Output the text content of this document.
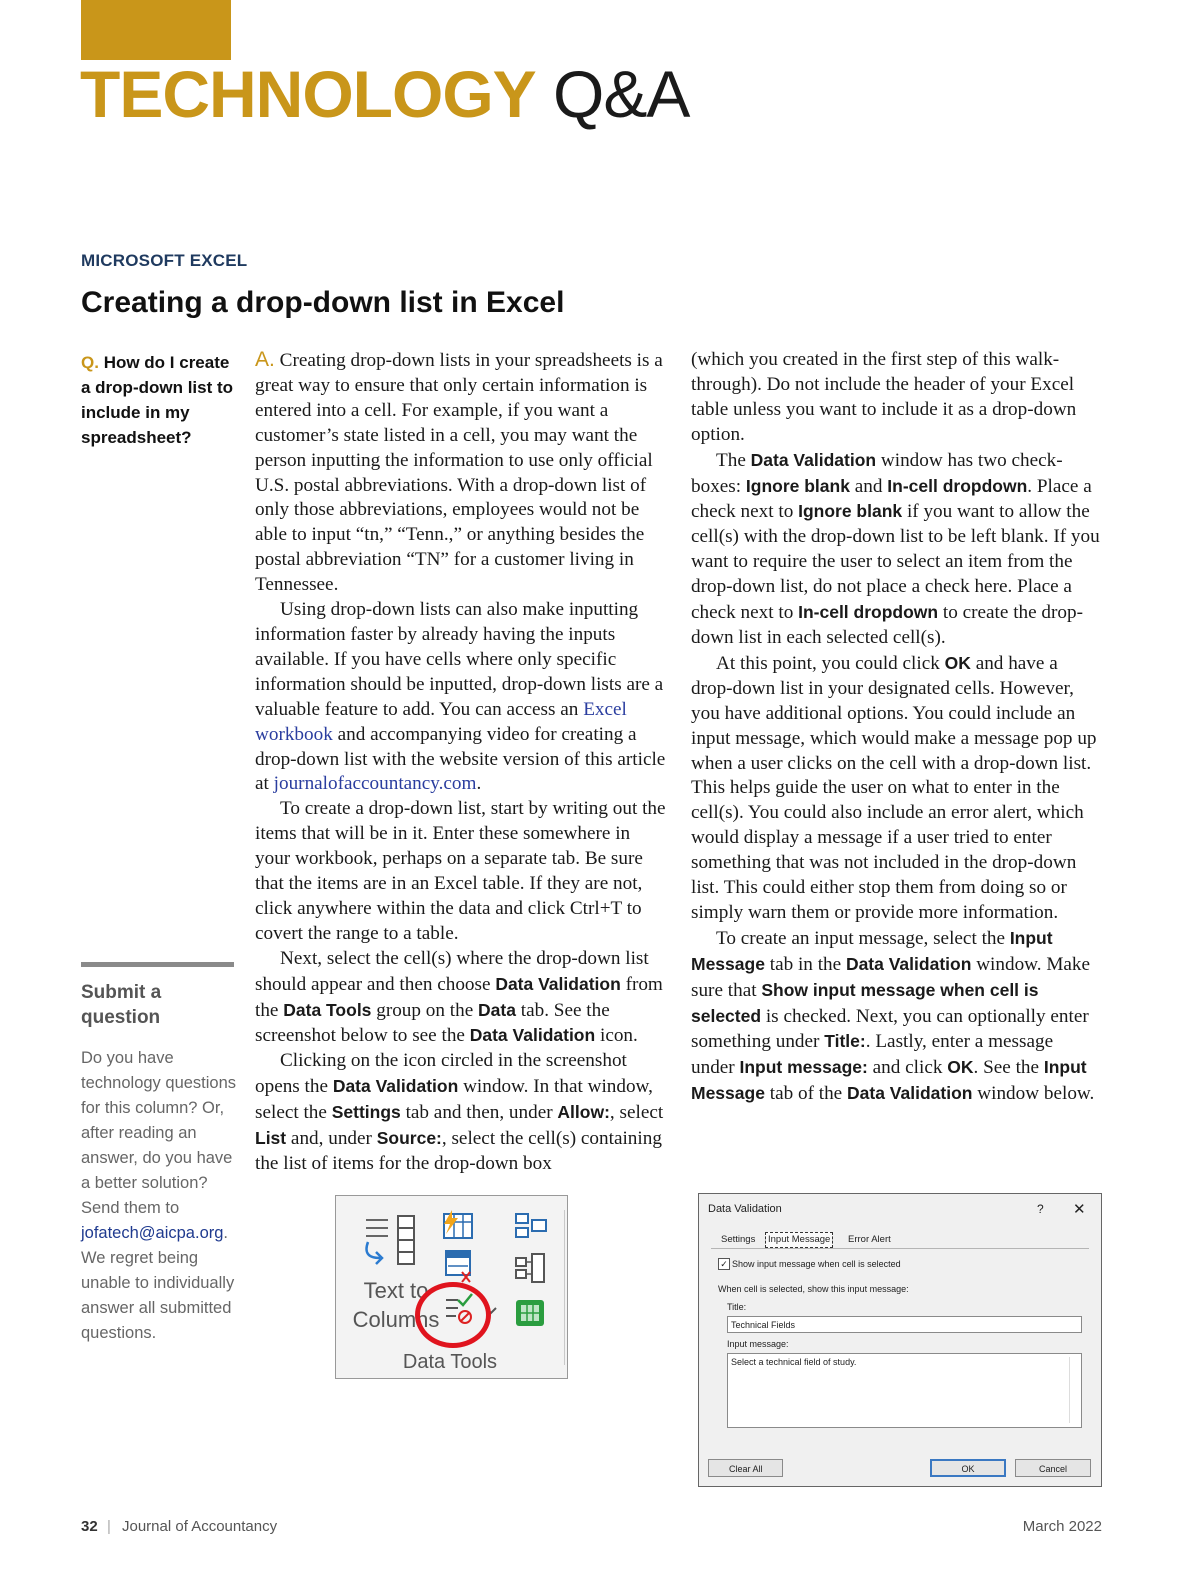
TECHNOLOGY Q&A
MICROSOFT EXCEL
Creating a drop-down list in Excel
Q. How do I create a drop-down list to include in my spreadsheet?
Submit a question
Do you have technology questions for this column? Or, after reading an answer, do you have a better solution? Send them to jofatech@aicpa.org. We regret being unable to individually answer all submitted questions.

A. Creating drop-down lists in your spreadsheets is a great way to ensure that only certain information is entered into a cell. For example, if you want a customer’s state listed in a cell, you may want the person inputting the information to use only official U.S. postal abbreviations. With a drop-down list of only those abbreviations, employees would not be able to input “tn,” “Tenn.,” or anything besides the postal abbreviation “TN” for a customer living in Tennessee.

Using drop-down lists can also make inputting information faster by already having the inputs available. If you have cells where only specific information should be inputted, drop-down lists are a valuable feature to add. You can access an Excel workbook and accompanying video for creating a drop-down list with the website version of this article at journalofaccountancy.com.

To create a drop-down list, start by writing out the items that will be in it. Enter these somewhere in your workbook, perhaps on a separate tab. Be sure that the items are in an Excel table. If they are not, click anywhere within the data and click Ctrl+T to covert the range to a table.

Next, select the cell(s) where the drop-down list should appear and then choose Data Validation from the Data Tools group on the Data tab. See the screenshot below to see the Data Validation icon.

Clicking on the icon circled in the screenshot opens the Data Validation window. In that window, select the Settings tab and then, under Allow:, select List and, under Source:, select the cell(s) containing the list of items for the drop-down box

(which you created in the first step of this walk-through). Do not include the header of your Excel table unless you want to include it as a drop-down option.

The Data Validation window has two check-boxes: Ignore blank and In-cell dropdown. Place a check next to Ignore blank if you want to allow the cell(s) with the drop-down list to be left blank. If you want to require the user to select an item from the drop-down list, do not place a check here. Place a check next to In-cell dropdown to create the drop-down list in each selected cell(s).

At this point, you could click OK and have a drop-down list in your designated cells. However, you have additional options. You could include an input message, which would make a message pop up when a user clicks on the cell with a drop-down list. This helps guide the user on what to enter in the cell(s). You could also include an error alert, which would display a message if a user tried to enter something that was not included in the drop-down list. This could either stop them from doing so or simply warn them or provide more information.

To create an input message, select the Input Message tab in the Data Validation window. Make sure that Show input message when cell is selected is checked. Next, you can optionally enter something under Title:. Lastly, enter a message under Input message: and click OK. See the Input Message tab of the Data Validation window below.

Text to
Columns
Data Tools
Data Validation	? ✕
Settings	Input Message	Error Alert
✓ Show input message when cell is selected
When cell is selected, show this input message:
Title:
Technical Fields
Input message:
Select a technical field of study.
Clear All	OK	Cancel
32 | Journal of Accountancy	March 2022
